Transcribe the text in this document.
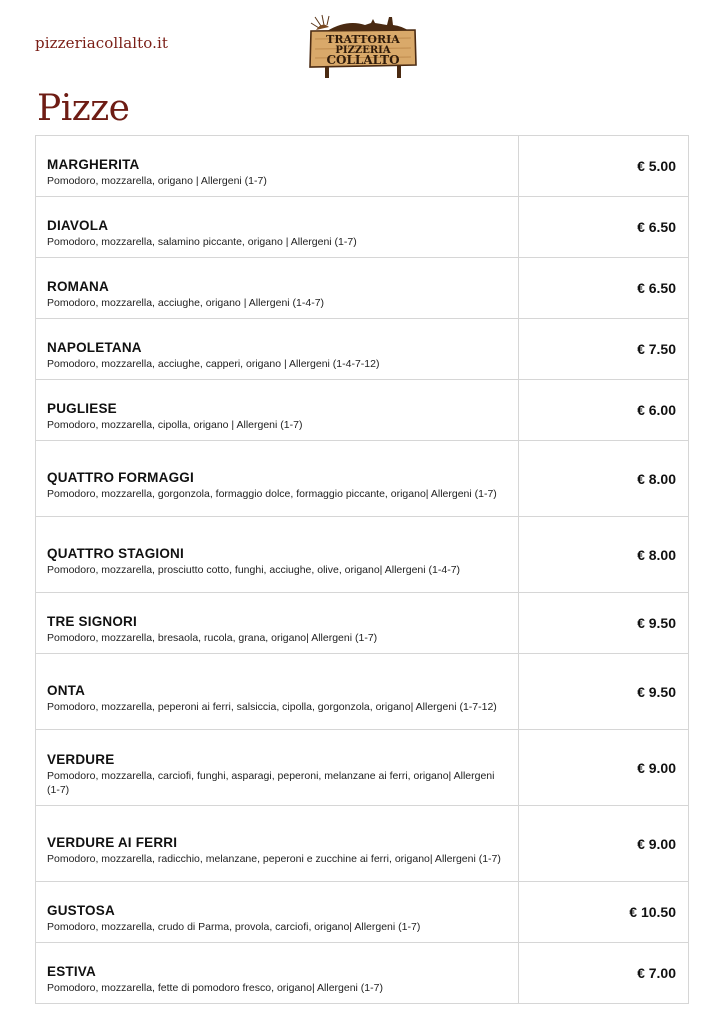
pizzeriacollalto.it	TRATTORIA
PIZZERIA
COLLALTO
Pizze
MARGHERITA
Pomodoro, mozzarella, origano | Allergeni (1-7)	€ 5.00

DIAVOLA
Pomodoro, mozzarella, salamino piccante, origano | Allergeni (1-7)	€ 6.50

ROMANA
Pomodoro, mozzarella, acciughe, origano | Allergeni (1-4-7)	€ 6.50

NAPOLETANA
Pomodoro, mozzarella, acciughe, capperi, origano | Allergeni (1-4-7-12)	€ 7.50

PUGLIESE
Pomodoro, mozzarella, cipolla, origano | Allergeni (1-7)	€ 6.00

QUATTRO FORMAGGI
Pomodoro, mozzarella, gorgonzola, formaggio dolce, formaggio piccante, origano| Allergeni (1-7)	€ 8.00

QUATTRO STAGIONI
Pomodoro, mozzarella, prosciutto cotto, funghi, acciughe, olive, origano| Allergeni (1-4-7)	€ 8.00

TRE SIGNORI
Pomodoro, mozzarella, bresaola, rucola, grana, origano| Allergeni (1-7)	€ 9.50

ONTA
Pomodoro, mozzarella, peperoni ai ferri, salsiccia, cipolla, gorgonzola, origano| Allergeni (1-7-12)	€ 9.50

VERDURE
Pomodoro, mozzarella, carciofi, funghi, asparagi, peperoni, melanzane ai ferri, origano| Allergeni (1-7)	€ 9.00

VERDURE AI FERRI
Pomodoro, mozzarella, radicchio, melanzane, peperoni e zucchine ai ferri, origano| Allergeni (1-7)	€ 9.00

GUSTOSA
Pomodoro, mozzarella, crudo di Parma, provola, carciofi, origano| Allergeni (1-7)	€ 10.50

ESTIVA
Pomodoro, mozzarella, fette di pomodoro fresco, origano| Allergeni (1-7)	€ 7.00
